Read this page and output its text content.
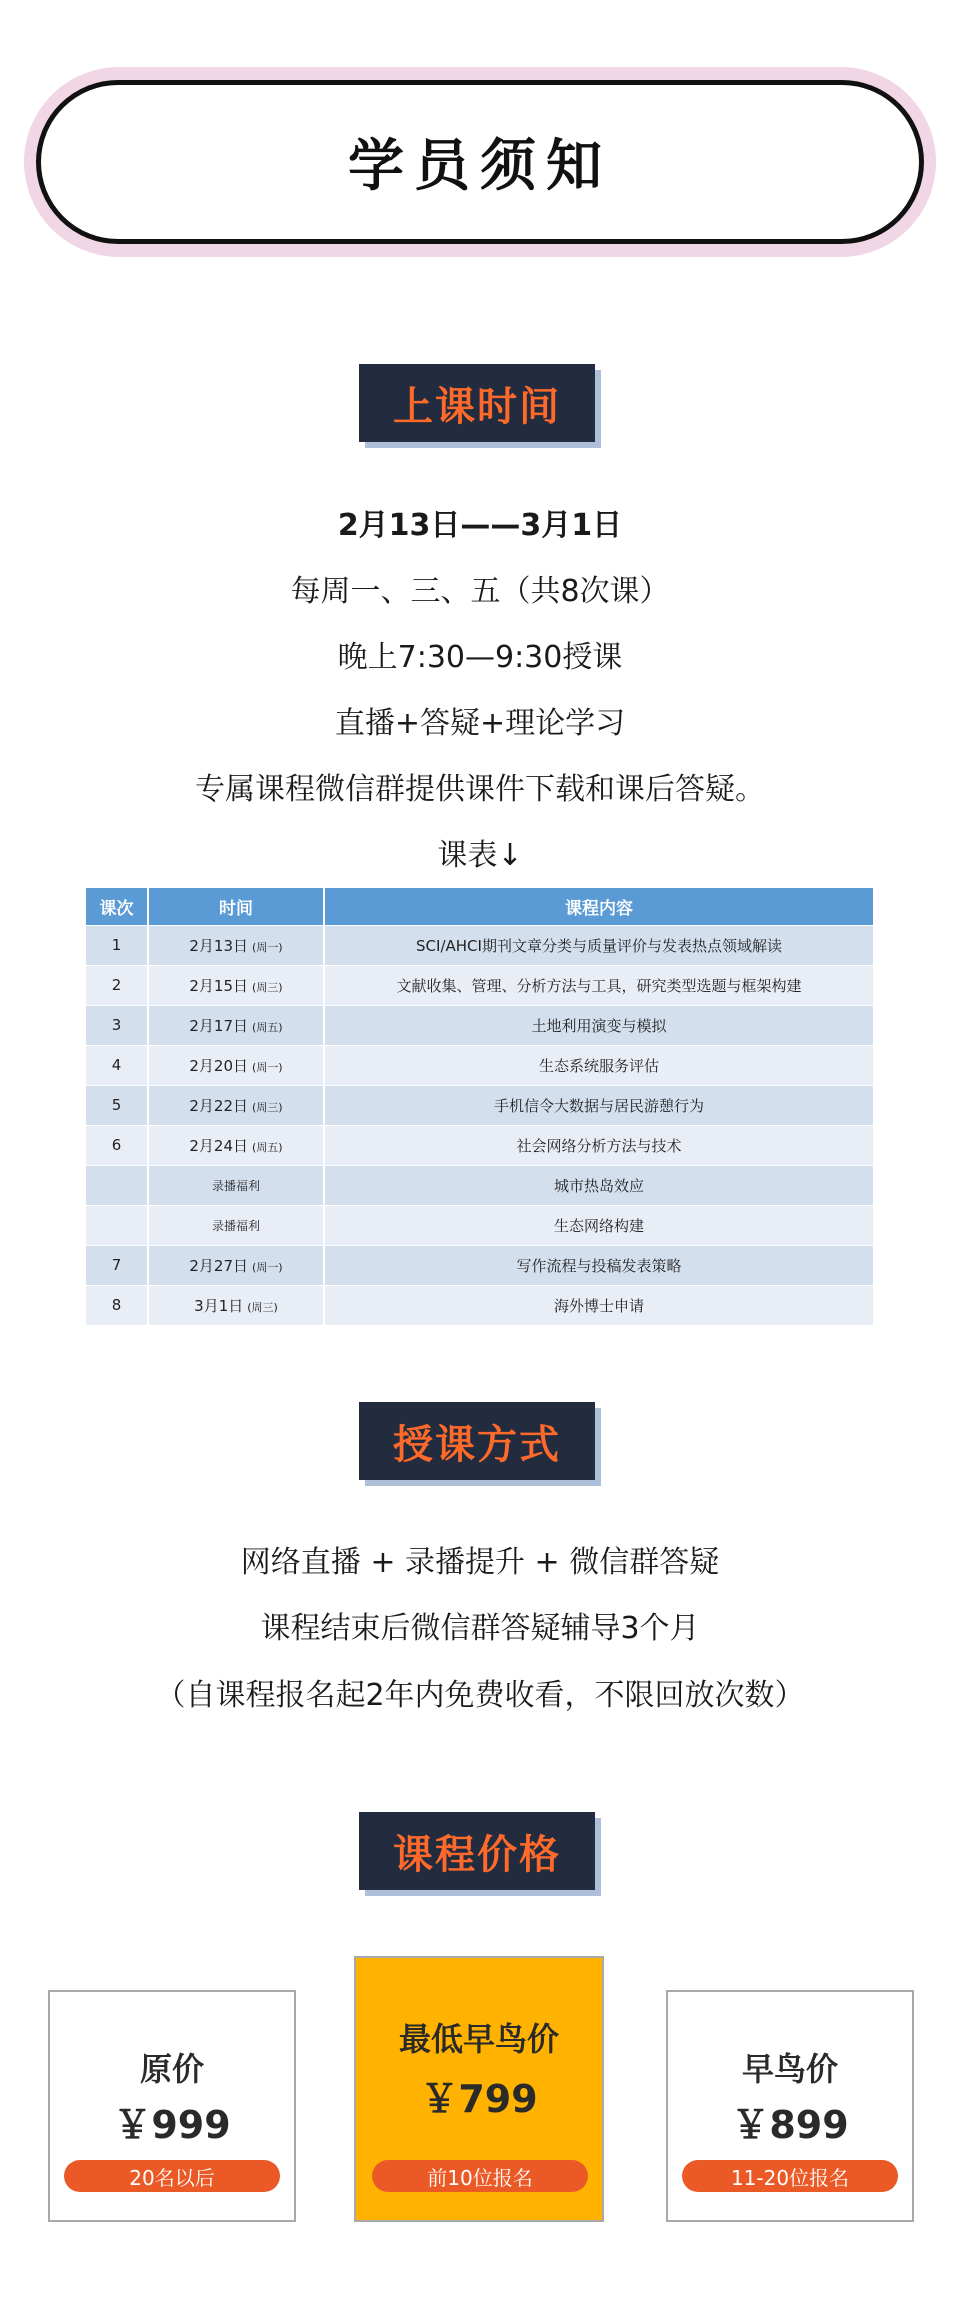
学员须知
上课时间
2月13日——3月1日
每周一、三、五（共8次课）
晚上7:30—9:30授课
直播+答疑+理论学习
专属课程微信群提供课件下载和课后答疑。
课表↓
课次	时间	课程内容
1	2月13日 (周一)	SCI/AHCI期刊文章分类与质量评价与发表热点领域解读
2	2月15日 (周三)	文献收集、管理、分析方法与工具，研究类型选题与框架构建
3	2月17日 (周五)	土地利用演变与模拟
4	2月20日 (周一)	生态系统服务评估
5	2月22日 (周三)	手机信令大数据与居民游憩行为
6	2月24日 (周五)	社会网络分析方法与技术
	录播福利	城市热岛效应
	录播福利	生态网络构建
7	2月27日 (周一)	写作流程与投稿发表策略
8	3月1日 (周三)	海外博士申请
授课方式
网络直播 + 录播提升 + 微信群答疑
课程结束后微信群答疑辅导3个月
（自课程报名起2年内免费收看，不限回放次数）
课程价格
原价
￥999
20名以后
最低早鸟价
￥799
前10位报名
早鸟价
￥899
11-20位报名
